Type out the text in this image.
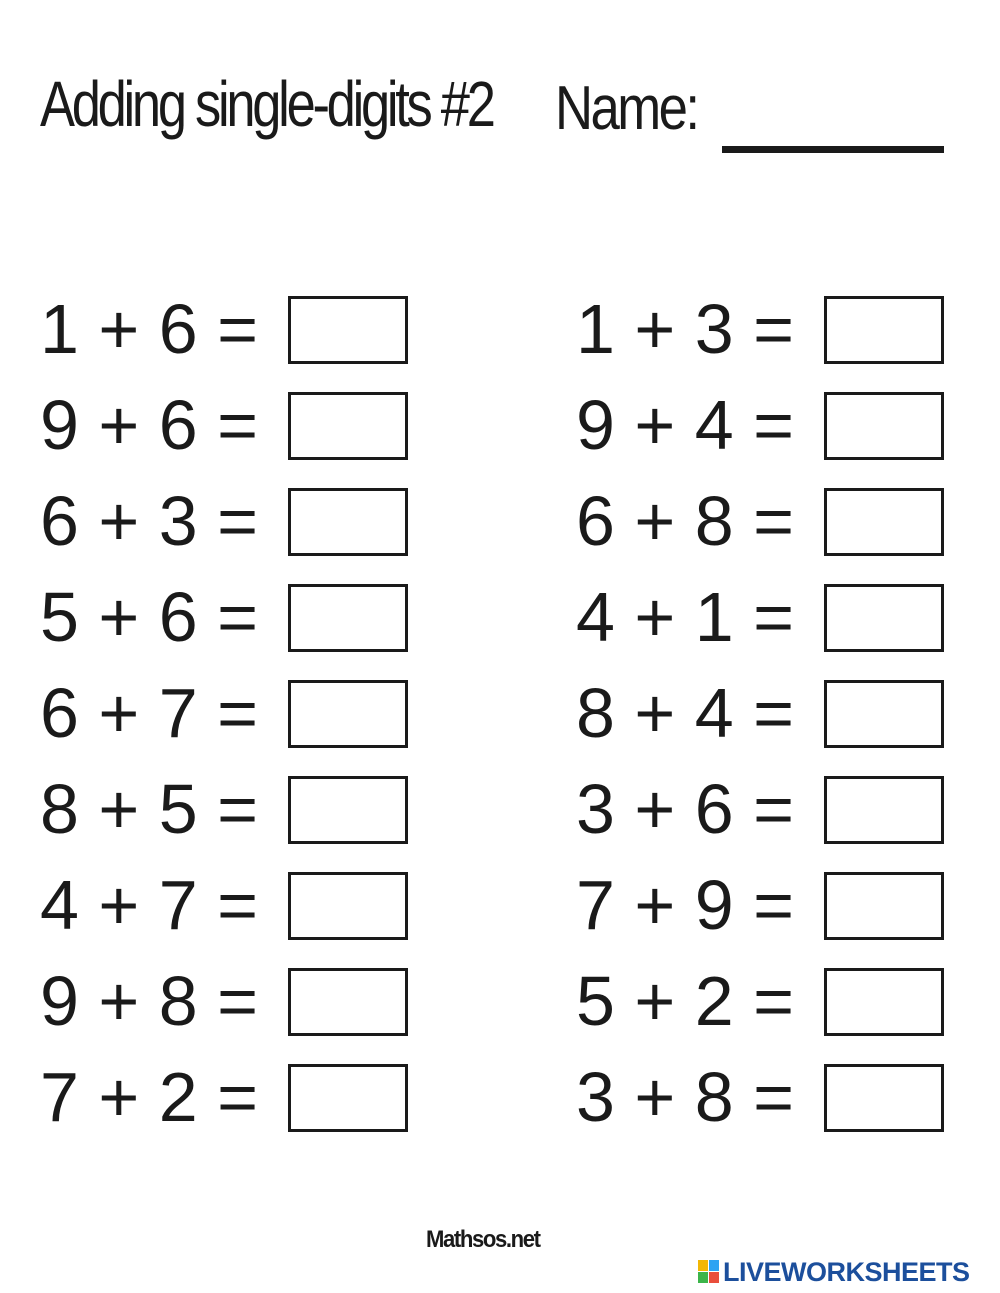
Adding single-digits #2 Name:
1 + 6 =
9 + 6 =
6 + 3 =
5 + 6 =
6 + 7 =
8 + 5 =
4 + 7 =
9 + 8 =
7 + 2 =
1 + 3 =
9 + 4 =
6 + 8 =
4 + 1 =
8 + 4 =
3 + 6 =
7 + 9 =
5 + 2 =
3 + 8 =
Mathsos.net
LIVEWORKSHEETS
